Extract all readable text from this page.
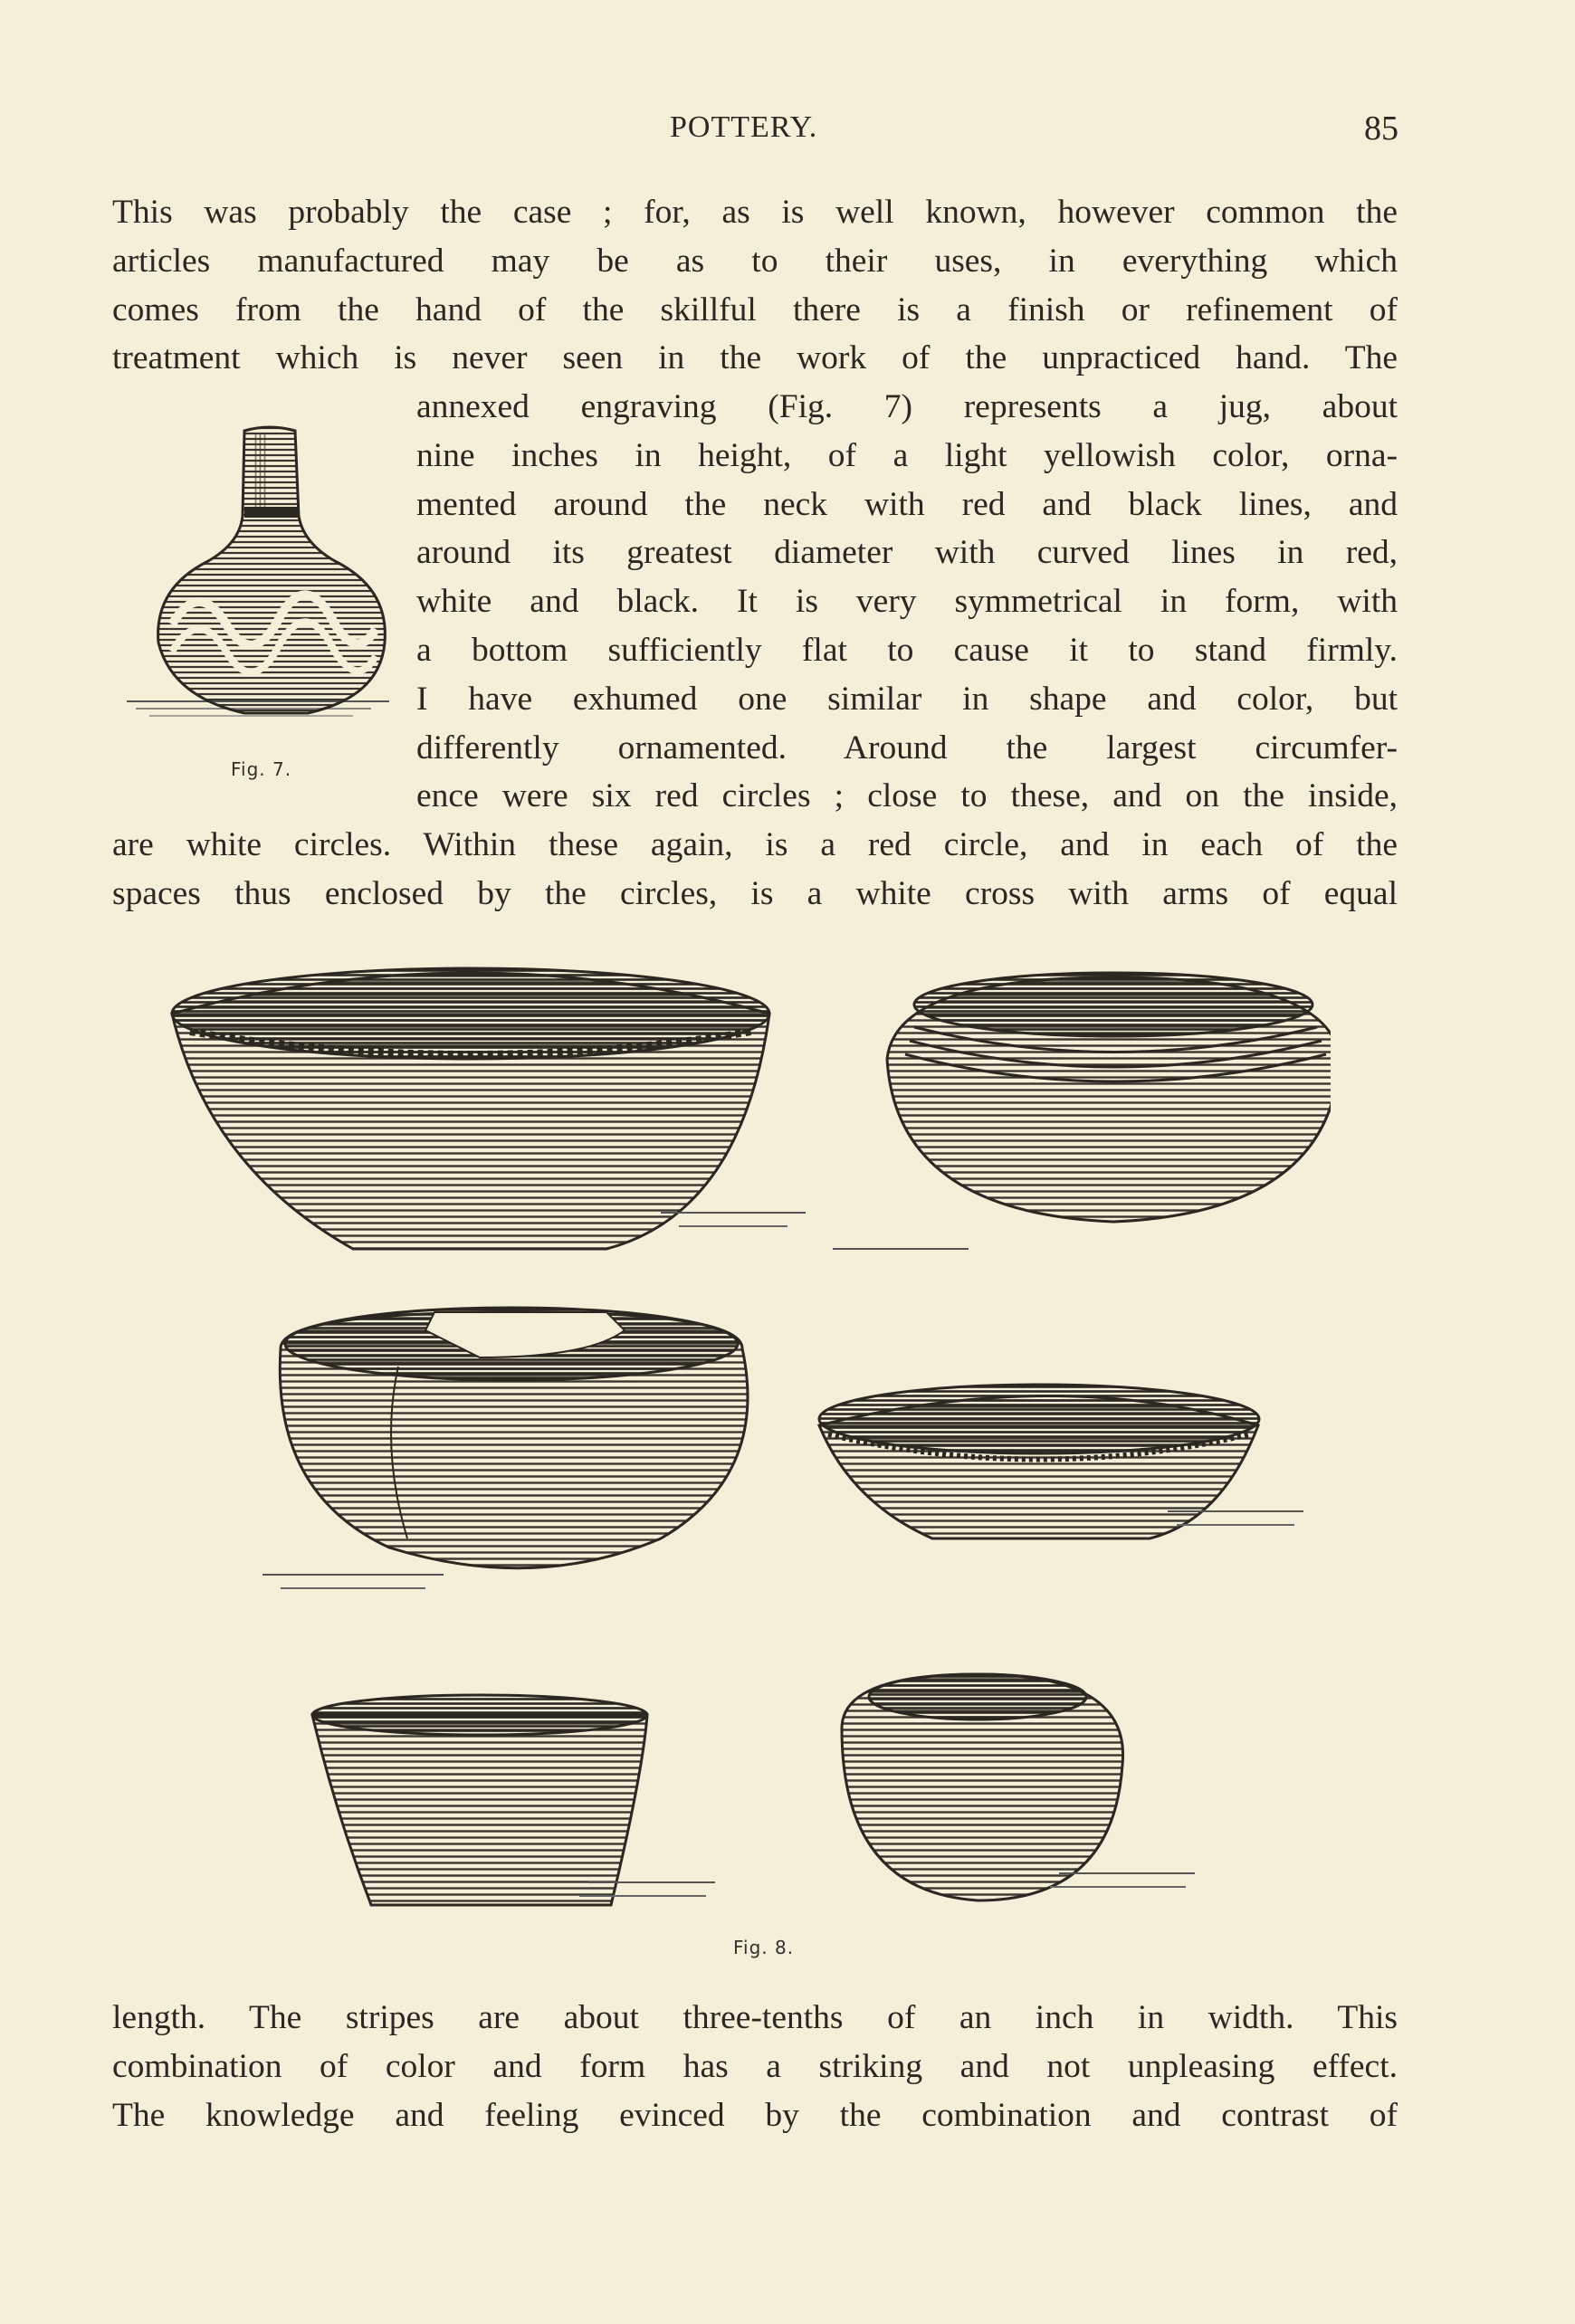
POTTERY.	85
This was probably the case ; for, as is well known, however common the
articles manufactured may be as to their uses, in everything which
comes from the hand of the skillful there is a finish or refinement of
treatment which is never seen in the work of the unpracticed hand. The
annexed engraving (Fig. 7) represents a jug, about
nine inches in height, of a light yellowish color, orna-
mented around the neck with red and black lines, and
around its greatest diameter with curved lines in red,
white and black. It is very symmetrical in form, with
a bottom sufficiently flat to cause it to stand firmly.
I have exhumed one similar in shape and color, but
differently ornamented. Around the largest circumfer-
ence were six red circles ; close to these, and on the inside,
are white circles. Within these again, is a red circle, and in each of the
spaces thus enclosed by the circles, is a white cross with arms of equal
Fig. 7.
Fig. 8.
length. The stripes are about three-tenths of an inch in width. This
combination of color and form has a striking and not unpleasing effect.
The knowledge and feeling evinced by the combination and contrast of
